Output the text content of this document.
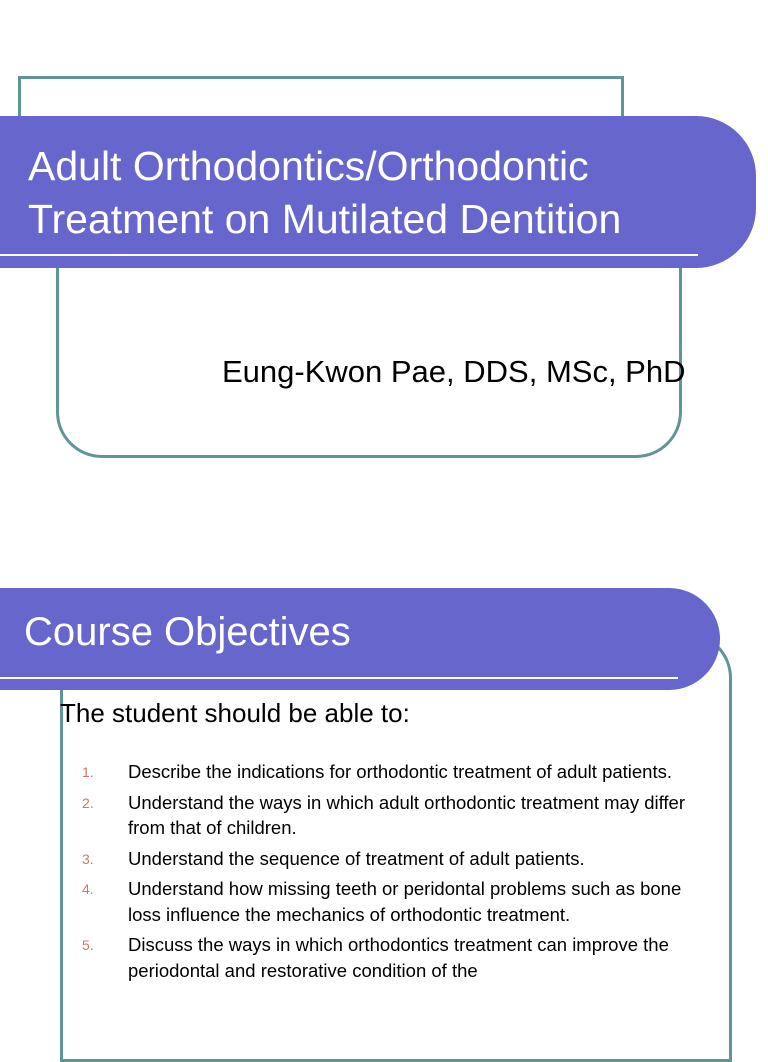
Adult Orthodontics/Orthodontic
Treatment on Mutilated Dentition
Eung-Kwon Pae, DDS, MSc, PhD
Course Objectives

The student should be able to:

1. Describe the indications for orthodontic treatment of adult patients.
2. Understand the ways in which adult orthodontic treatment may differ from that of children.
3. Understand the sequence of treatment of adult patients.
4. Understand how missing teeth or peridontal problems such as bone loss influence the mechanics of orthodontic treatment.
5. Discuss the ways in which orthodontics treatment can improve the periodontal and restorative condition of the
